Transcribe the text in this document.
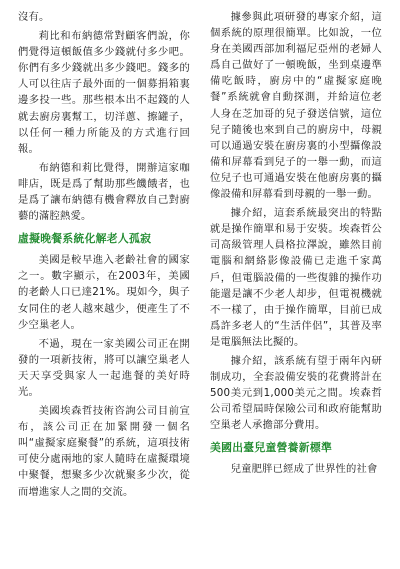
沒有。

莉比和布納德常對顧客們說，你們覺得這頓飯值多少錢就付多少吧。你們有多少錢就出多少錢吧。錢多的人可以往店子最外面的一個募捐箱裏邊多投一些。那些根本出不起錢的人就去廚房裏幫工，切洋蔥、擦罐子，以任何一種力所能及的方式進行回報。

布納德和莉比覺得，開辦這家咖啡店，既是爲了幫助那些饑餓者，也是爲了讓布納德有機會釋放自己對廚藝的滿腔熱愛。

虛擬晚餐系統化解老人孤寂

美國是較早進入老齡社會的國家之一。數字顯示，在2003年，美國的老齡人口已達21%。現如今，與子女同住的老人越來越少，便產生了不少空巢老人。

不過，現在一家美國公司正在開發的一項新技術，將可以讓空巢老人天天享受與家人一起進餐的美好時光。

美國埃森哲技術咨詢公司目前宣布，該公司正在加緊開發一個名叫“虛擬家庭聚餐”的系統，這項技術可使分處兩地的家人隨時在虛擬環境中聚餐，想聚多少次就聚多少次，從而增進家人之間的交流。

據參與此項研發的專家介紹，這個系統的原理很簡單。比如說，一位身在美國西部加利福尼亞州的老婦人爲自己做好了一頓晚飯，坐到桌邊準備吃飯時，廚房中的“虛擬家庭晚餐”系統就會自動探測，并給這位老人身在芝加哥的兒子發送信號，這位兒子隨後也來到自己的廚房中，母親可以通過安裝在廚房裏的小型攝像設備和屏幕看到兒子的一舉一動，而這位兒子也可通過安裝在他廚房裏的攝像設備和屏幕看到母親的一舉一動。

據介紹，這套系統最突出的特點就是操作簡單和易于安裝。埃森哲公司高級管理人員格拉澤說，雖然目前電腦和網絡影像設備已走進千家萬戶，但電腦設備的一些復雜的操作功能還是讓不少老人却步，但電視機就不一樣了，由于操作簡單，目前已成爲許多老人的“生活伴侶”，其普及率是電腦無法比擬的。

據介紹，該系統有望于兩年內研制成功，全套設備安裝的花費將計在500美元到1,000美元之間。埃森哲公司希望屆時保險公司和政府能幫助空巢老人承擔部分費用。

美國出臺兒童營養新標準

兒童肥胖已經成了世界性的社會
